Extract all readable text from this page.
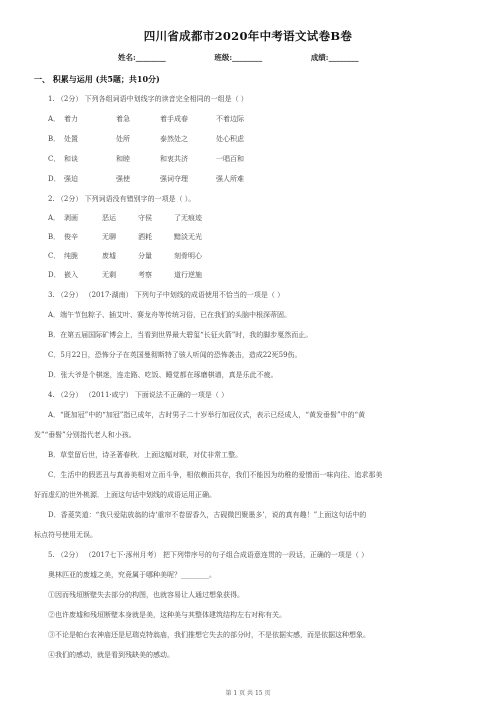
四川省成都市2020年中考语文试卷B卷
姓名:________	班级:________	成绩:________
一、 积累与运用 (共5题；共10分)
1. （2分） 下列各组词语中划线字的读音完全相同的一组是（ ）
A． 着力	着急	着手成春	不着边际
B． 处置	处所	泰然处之	处心积虑
C． 和谈	和睦	和衷共济	一唱百和
D． 强迫	强使	强词夺理	强人所难
2. （2分） 下列词语没有错别字的一项是（ ）。
A． 剥画	恶运	守侯	了无痕迹
B． 俊辛	无聊	洒耗	黯淡无光
C． 纯脆	废墟	分量	刻骨明心
D． 嵌入	无剩	考察	道行逆施
3. （2分） （2017·湖南） 下列句子中划线的成语使用不恰当的一项是（ ）
A．端午节包粽子、插艾叶、赛龙舟等传统习俗，已在我们的头脑中根深蒂固。
B．在第五届国际矿博会上，当看到世界最大碧玺“长征火箭”时，我的脚步戛然而止。
C．5月22日，恐怖分子在英国曼彻斯特了骇人听闻的恐怖袭击，造成22死59伤。
D．张大爷是个棋迷，连走路、吃饭、睡觉都在琢磨棋谱，真是乐此不疲。
4. （2分） （2011·咸宁） 下面说法不正确的一项是（ ）
A．“既加冠”中的“加冠”指已成年，古时男子二十岁举行加冠仪式，表示已经成人，“黄发垂髫”中的“黄
发”“垂髫”分别指代老人和小孩。
B．草堂留后世，诗圣著春秋．上面这幅对联，对仗非常工整。
C．生活中的假恶丑与真善美相对立而斗争，相依赖而共存，我们不能因为幼稚的爱憎而一味向往、追求那美
好而虚幻的世外桃源．上面这句话中划线的成语运用正确。
D．香菱笑道：“我只爱陆放翁的诗‘重帘不卷留香久，古砚微凹聚墨多’，说的真有趣！”上面这句话中的
标点符号使用无误。
5. （2分） （2017七下·涿州月考） 把下列带序号的句子组合成语意连贯的一段话，正确的一项是（ ）
奥林匹亚的废墟之美，究竟属于哪种美呢？________。
①因而残垣断壁失去部分的构图，也就容易让人通过想象获得。
②也许废墟和残垣断壁本身就是美，这种美与其整体建筑结构左右对称有关。
③不论是帕台农神庙还是尼瑞克特翁庙，我们推想它失去的部分时，不是依据实感，而是依据这种想象。
④我们的感动，就是看到残缺美的感动。
第 1 页 共 15 页
